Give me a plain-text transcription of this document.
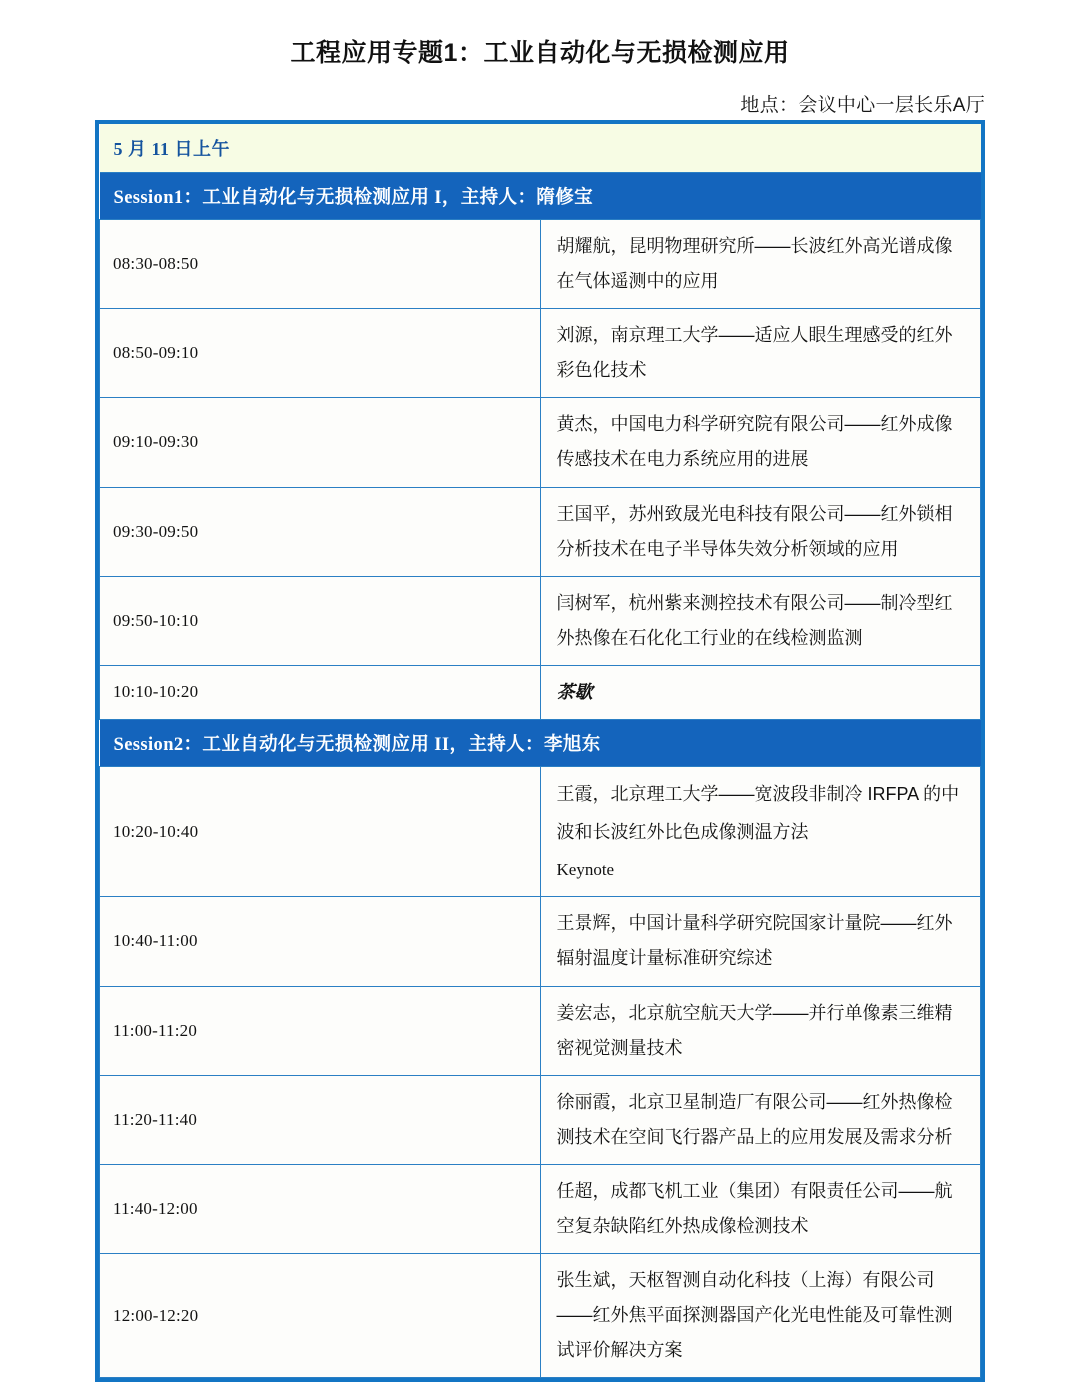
工程应用专题1：工业自动化与无损检测应用
地点：会议中心一层长乐A厅
5 月 11 日上午	
Session1：工业自动化与无损检测应用 I，主持人：隋修宝	
08:30-08:50	胡耀航，昆明物理研究所——长波红外高光谱成像在气体遥测中的应用

08:50-09:10	刘源，南京理工大学——适应人眼生理感受的红外彩色化技术

09:10-09:30	黄杰，中国电力科学研究院有限公司——红外成像传感技术在电力系统应用的进展

09:30-09:50	王国平，苏州致晟光电科技有限公司——红外锁相分析技术在电子半导体失效分析领域的应用

09:50-10:10	闫树军，杭州紫来测控技术有限公司——制冷型红外热像在石化化工行业的在线检测监测

10:10-10:20	茶歇

Session2：工业自动化与无损检测应用 II，主持人：李旭东	
10:20-10:40	王霞，北京理工大学——宽波段非制冷 IRFPA 的中波和长波红外比色成像测温方法
Keynote

10:40-11:00	王景辉，中国计量科学研究院国家计量院——红外辐射温度计量标准研究综述

11:00-11:20	姜宏志，北京航空航天大学——并行单像素三维精密视觉测量技术

11:20-11:40	徐丽霞，北京卫星制造厂有限公司——红外热像检测技术在空间飞行器产品上的应用发展及需求分析

11:40-12:00	任超，成都飞机工业（集团）有限责任公司——航空复杂缺陷红外热成像检测技术

12:00-12:20	张生斌，天枢智测自动化科技（上海）有限公司——红外焦平面探测器国产化光电性能及可靠性测试评价解决方案
